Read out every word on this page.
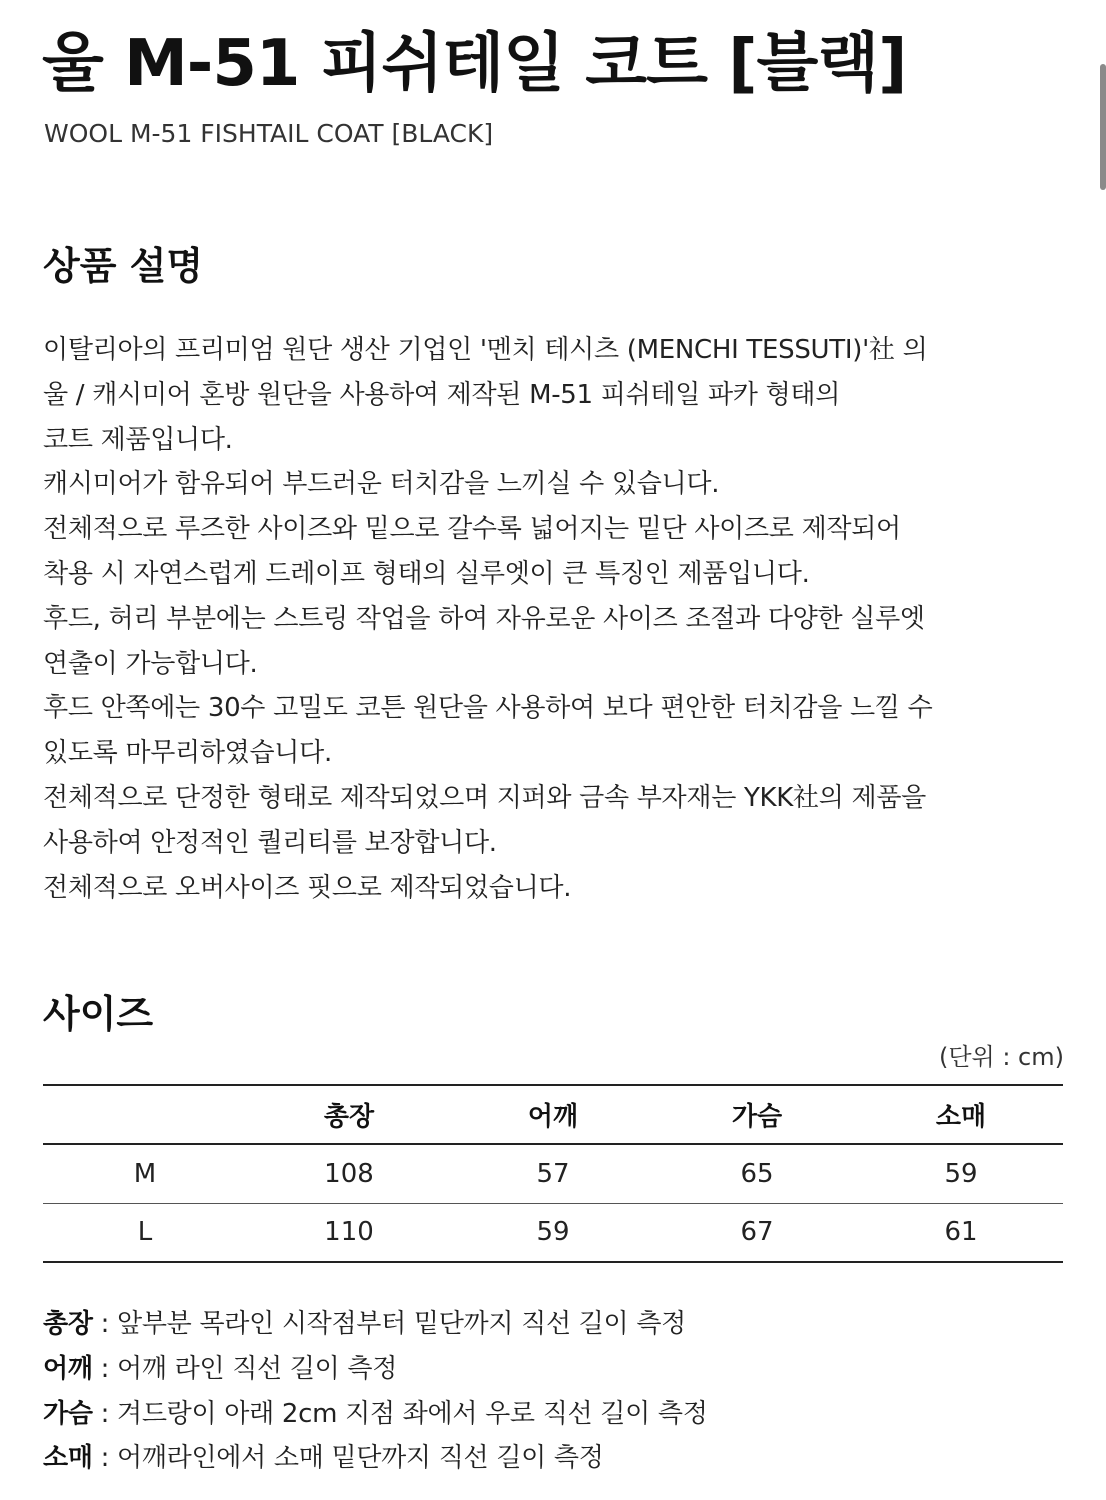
울 M-51 피쉬테일 코트 [블랙]
WOOL M-51 FISHTAIL COAT [BLACK]
상품 설명
이탈리아의 프리미엄 원단 생산 기업인 '멘치 테시츠 (MENCHI TESSUTI)'社 의
울 / 캐시미어 혼방 원단을 사용하여 제작된 M-51 피쉬테일 파카 형태의
코트 제품입니다.
캐시미어가 함유되어 부드러운 터치감을 느끼실 수 있습니다.
전체적으로 루즈한 사이즈와 밑으로 갈수록 넓어지는 밑단 사이즈로 제작되어
착용 시 자연스럽게 드레이프 형태의 실루엣이 큰 특징인 제품입니다.
후드, 허리 부분에는 스트링 작업을 하여 자유로운 사이즈 조절과 다양한 실루엣
연출이 가능합니다.
후드 안쪽에는 30수 고밀도 코튼 원단을 사용하여 보다 편안한 터치감을 느낄 수
있도록 마무리하였습니다.
전체적으로 단정한 형태로 제작되었으며 지퍼와 금속 부자재는 YKK社의 제품을
사용하여 안정적인 퀄리티를 보장합니다.
전체적으로 오버사이즈 핏으로 제작되었습니다.
사이즈
(단위 : cm)
	총장	어깨	가슴	소매
M	108	57	65	59
L	110	59	67	61
총장 : 앞부분 목라인 시작점부터 밑단까지 직선 길이 측정
어깨 : 어깨 라인 직선 길이 측정
가슴 : 겨드랑이 아래 2cm 지점 좌에서 우로 직선 길이 측정
소매 : 어깨라인에서 소매 밑단까지 직선 길이 측정
